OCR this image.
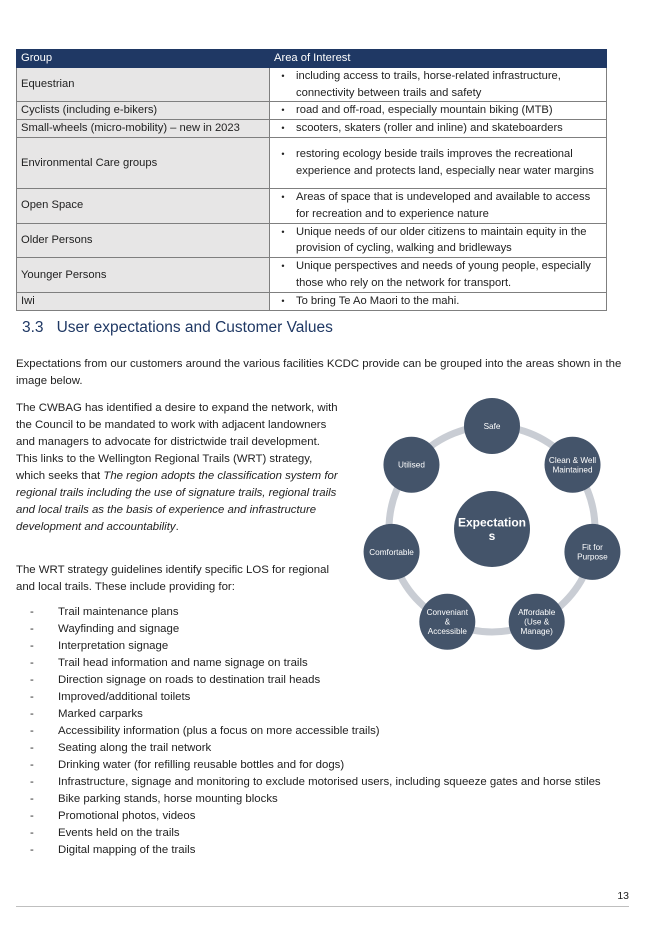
Group	Area of Interest
Equestrian	• including access to trails, horse-related infrastructure, connectivity between trails and safety

Cyclists (including e-bikers)	• road and off-road, especially mountain biking (MTB)

Small-wheels (micro-mobility) – new in 2023	• scooters, skaters (roller and inline) and skateboarders

Environmental Care groups	• restoring ecology beside trails improves the recreational experience and protects land, especially near water margins

Open Space	• Areas of space that is undeveloped and available to access for recreation and to experience nature

Older Persons	• Unique needs of our older citizens to maintain equity in the provision of cycling, walking and bridleways

Younger Persons	• Unique perspectives and needs of young people, especially those who rely on the network for transport.

Iwi	• To bring Te Ao Maori to the mahi.
3.3 User expectations and Customer Values

Expectations from our customers around the various facilities KCDC provide can be grouped into the areas shown in the image below.

The CWBAG has identified a desire to expand the network, with the Council to be mandated to work with adjacent landowners and managers to advocate for districtwide trail development. This links to the Wellington Regional Trails (WRT) strategy, which seeks that The region adopts the classification system for regional trails including the use of signature trails, regional trails and local trails as the basis of experience and infrastructure development and accountability.

The WRT strategy guidelines identify specific LOS for regional and local trails. These include providing for:

-	Trail maintenance plans
-	Wayfinding and signage
-	Interpretation signage
-	Trail head information and name signage on trails
-	Direction signage on roads to destination trail heads
-	Improved/additional toilets
-	Marked carparks
-	Accessibility information (plus a focus on more accessible trails)
-	Seating along the trail network
-	Drinking water (for refilling reusable bottles and for dogs)
-	Infrastructure, signage and monitoring to exclude motorised users, including squeeze gates and horse stiles
-	Bike parking stands, horse mounting blocks
-	Promotional photos, videos
-	Events held on the trails
-	Digital mapping of the trails
Expectation
s
Safe
Clean & Well
Maintained
Fit for
Purpose
Affordable
(Use &
Manage)
Conveniant
&
Accessible
Comfortable
Utilised
13
